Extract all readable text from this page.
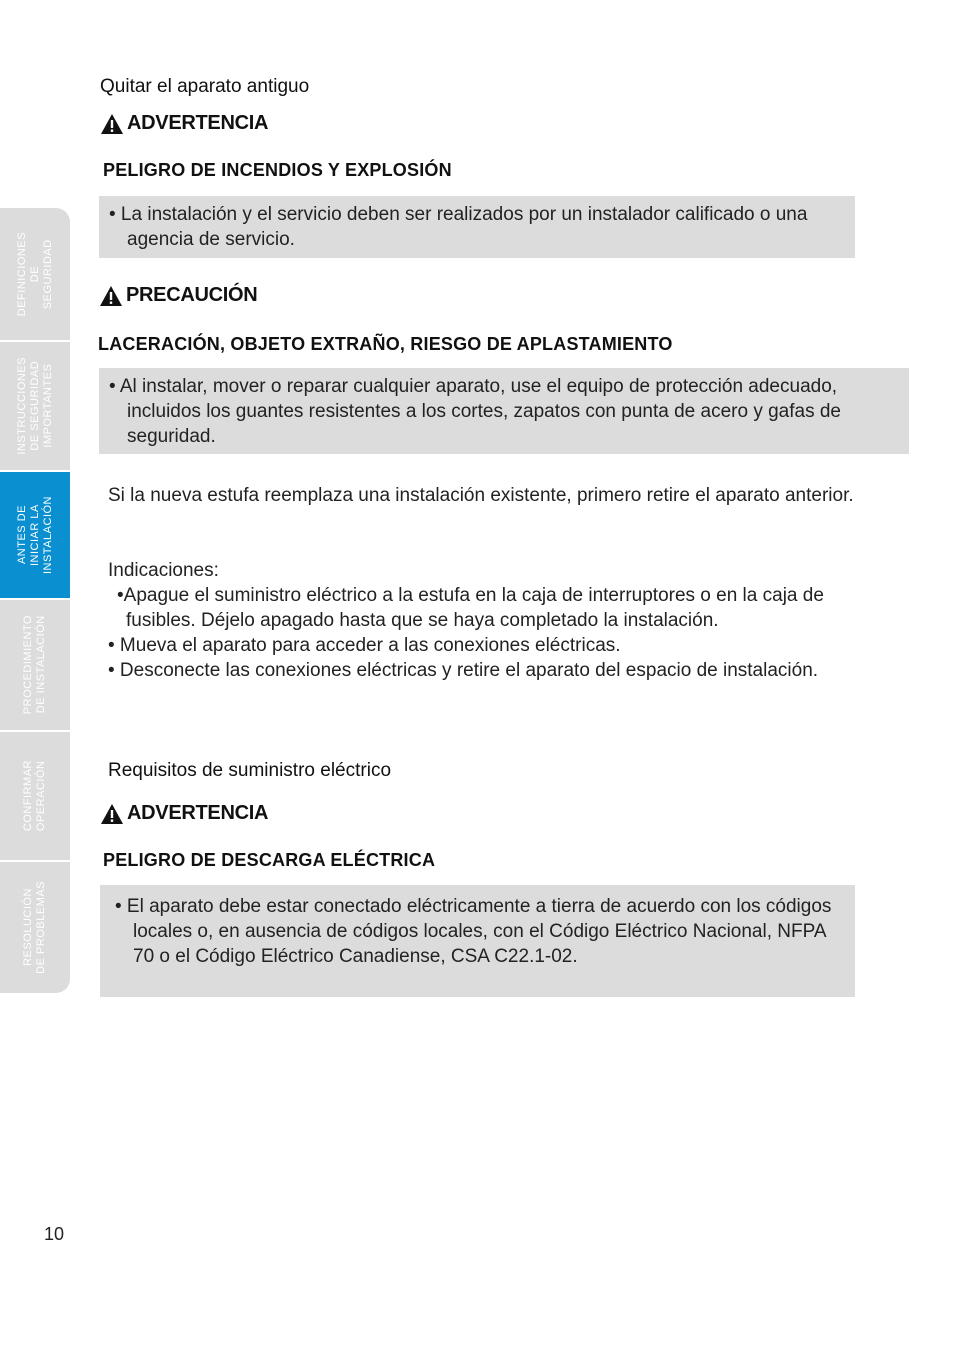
DEFINICIONES
DE
SEGURIDAD
INSTRUCCIONES
DE SEGURIDAD
IMPORTANTES
ANTES DE
INICIAR LA
INSTALACIÓN
PROCEDIMIENTO
DE INSTALACIÓN
CONFIRMAR
OPERACIÓN
RESOLUCIÓN
DE PROBLEMAS
Quitar el aparato antiguo
ADVERTENCIA
PELIGRO DE INCENDIOS Y EXPLOSIÓN
• La instalación y el servicio deben ser realizados por un instalador calificado o una agencia de servicio.
PRECAUCIÓN
LACERACIÓN, OBJETO EXTRAÑO, RIESGO DE APLASTAMIENTO
• Al instalar, mover o reparar cualquier aparato, use el equipo de protección adecuado, incluidos los guantes resistentes a los cortes, zapatos con punta de acero y gafas de seguridad.
Si la nueva estufa reemplaza una instalación existente, primero retire el aparato anterior.
Indicaciones:
•Apague el suministro eléctrico a la estufa en la caja de interruptores o en la caja de fusibles. Déjelo apagado hasta que se haya completado la instalación.
• Mueva el aparato para acceder a las conexiones eléctricas.
• Desconecte las conexiones eléctricas y retire el aparato del espacio de instalación.
Requisitos de suministro eléctrico
ADVERTENCIA
PELIGRO DE DESCARGA ELÉCTRICA
• El aparato debe estar conectado eléctricamente a tierra de acuerdo con los códigos locales o, en ausencia de códigos locales, con el Código Eléctrico Nacional, NFPA 70 o el Código Eléctrico Canadiense, CSA C22.1-02.
10
